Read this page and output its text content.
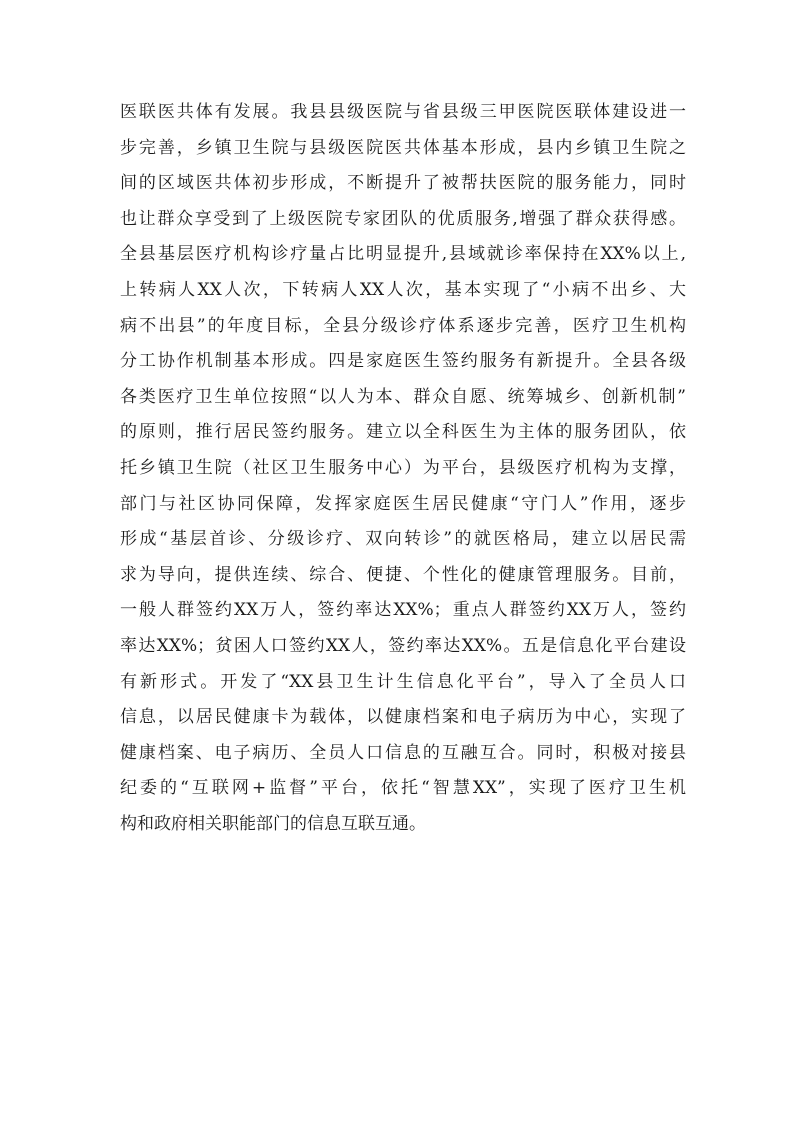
医联医共体有发展。我县县级医院与省县级三甲医院医联体建设进一
步完善，乡镇卫生院与县级医院医共体基本形成，县内乡镇卫生院之
间的区域医共体初步形成，不断提升了被帮扶医院的服务能力，同时
也让群众享受到了上级医院专家团队的优质服务,增强了群众获得感。
全县基层医疗机构诊疗量占比明显提升,县域就诊率保持在XX%以上,
上转病人XX人次，下转病人XX人次，基本实现了“小病不出乡、大
病不出县”的年度目标，全县分级诊疗体系逐步完善，医疗卫生机构
分工协作机制基本形成。四是家庭医生签约服务有新提升。全县各级
各类医疗卫生单位按照“以人为本、群众自愿、统筹城乡、创新机制”
的原则，推行居民签约服务。建立以全科医生为主体的服务团队，依
托乡镇卫生院（社区卫生服务中心）为平台，县级医疗机构为支撑，
部门与社区协同保障，发挥家庭医生居民健康“守门人”作用，逐步
形成“基层首诊、分级诊疗、双向转诊”的就医格局，建立以居民需
求为导向，提供连续、综合、便捷、个性化的健康管理服务。目前，
一般人群签约XX万人，签约率达XX%；重点人群签约XX万人，签约
率达XX%；贫困人口签约XX人，签约率达XX%。五是信息化平台建设
有新形式。开发了“XX县卫生计生信息化平台”，导入了全员人口
信息，以居民健康卡为载体，以健康档案和电子病历为中心，实现了
健康档案、电子病历、全员人口信息的互融互合。同时，积极对接县
纪委的“互联网+监督”平台，依托“智慧XX”，实现了医疗卫生机
构和政府相关职能部门的信息互联互通。
